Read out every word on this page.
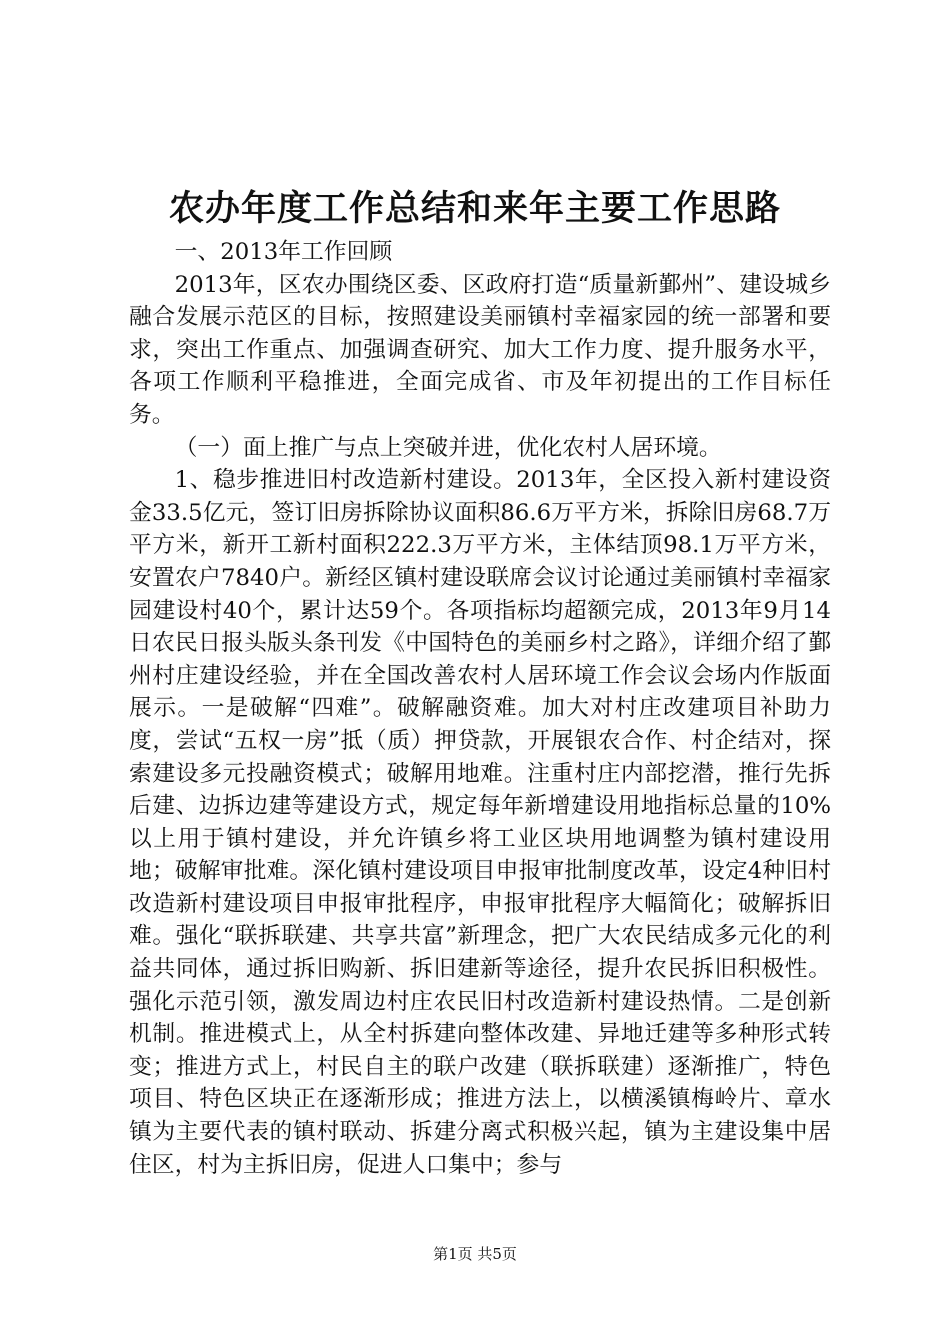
农办年度工作总结和来年主要工作思路

一、2013年工作回顾

2013年，区农办围绕区委、区政府打造“质量新鄞州”、建设城乡融合发展示范区的目标，按照建设美丽镇村幸福家园的统一部署和要求，突出工作重点、加强调查研究、加大工作力度、提升服务水平，各项工作顺利平稳推进，全面完成省、市及年初提出的工作目标任务。

（一）面上推广与点上突破并进，优化农村人居环境。

1、稳步推进旧村改造新村建设。2013年，全区投入新村建设资金33.5亿元，签订旧房拆除协议面积86.6万平方米，拆除旧房68.7万平方米，新开工新村面积222.3万平方米，主体结顶98.1万平方米，安置农户7840户。新经区镇村建设联席会议讨论通过美丽镇村幸福家园建设村40个，累计达59个。各项指标均超额完成，2013年9月14日农民日报头版头条刊发《中国特色的美丽乡村之路》，详细介绍了鄞州村庄建设经验，并在全国改善农村人居环境工作会议会场内作版面展示。一是破解“四难”。破解融资难。加大对村庄改建项目补助力度，尝试“五权一房”抵（质）押贷款，开展银农合作、村企结对，探索建设多元投融资模式；破解用地难。注重村庄内部挖潜，推行先拆后建、边拆边建等建设方式，规定每年新增建设用地指标总量的10%以上用于镇村建设，并允许镇乡将工业区块用地调整为镇村建设用地；破解审批难。深化镇村建设项目申报审批制度改革，设定4种旧村改造新村建设项目申报审批程序，申报审批程序大幅简化；破解拆旧难。强化“联拆联建、共享共富”新理念，把广大农民结成多元化的利益共同体，通过拆旧购新、拆旧建新等途径，提升农民拆旧积极性。强化示范引领，激发周边村庄农民旧村改造新村建设热情。二是创新机制。推进模式上，从全村拆建向整体改建、异地迁建等多种形式转变；推进方式上，村民自主的联户改建（联拆联建）逐渐推广，特色项目、特色区块正在逐渐形成；推进方法上，以横溪镇梅岭片、章水镇为主要代表的镇村联动、拆建分离式积极兴起，镇为主建设集中居住区，村为主拆旧房，促进人口集中；参与

第1页 共5页
